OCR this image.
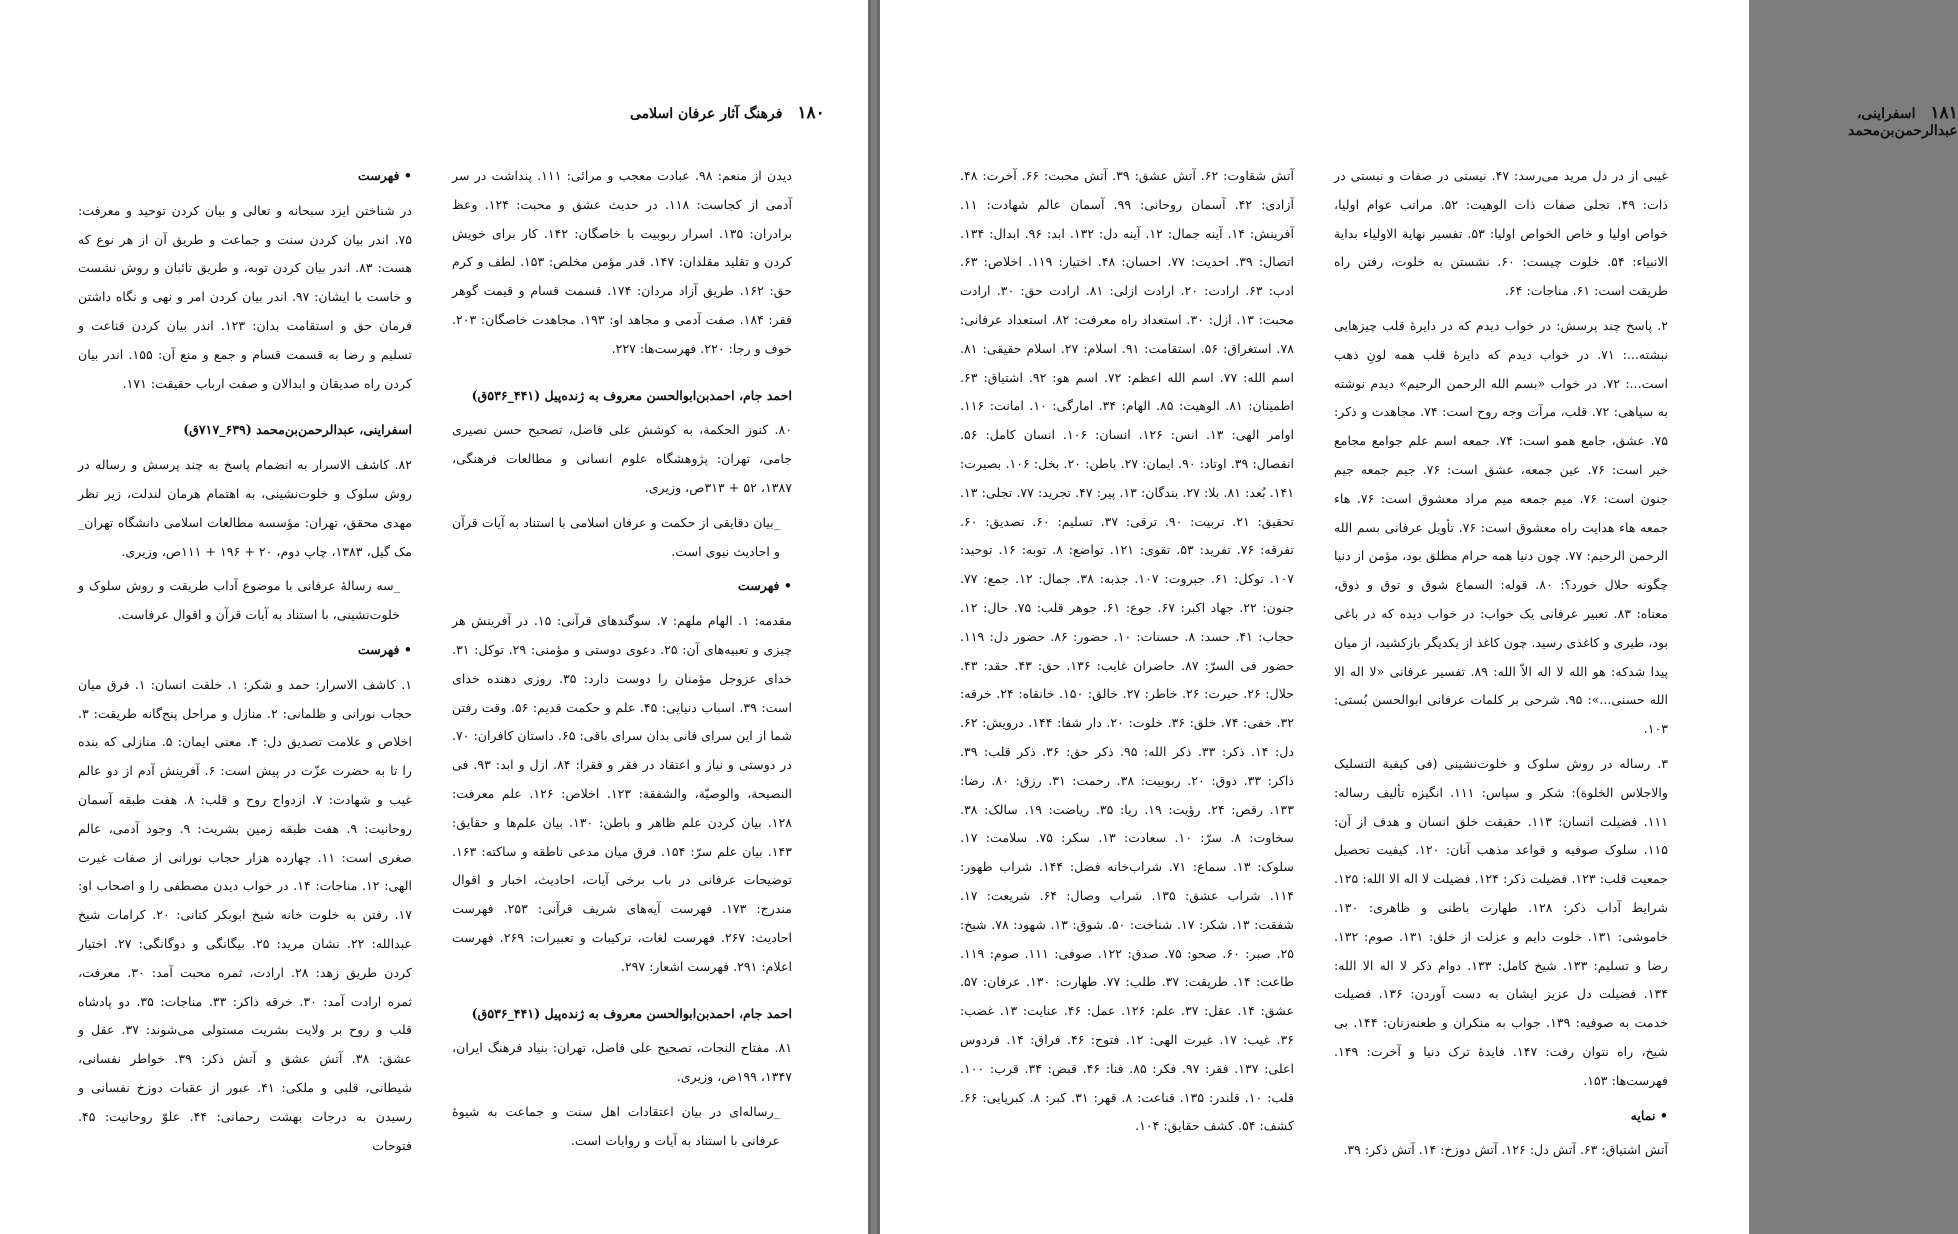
۱۸۰ فرهنگ آثار عرفان اسلامی

دیدن از منعم: ۹۸. عبادت معجب و مرائی: ۱۱۱. پنداشت در سر آدمی از کجاست: ۱۱۸. در حدیث عشق و محبت: ۱۲۴. وعظ برادران: ۱۳۵. اسرار ربوبیت با خاصگان: ۱۴۲. کار برای خویش کردن و تقلید مقلدان: ۱۴۷. قدر مؤمن مخلص: ۱۵۳. لطف و کرم حق: ۱۶۲. طریق آزاد مردان: ۱۷۴. قسمت قسام و قیمت گوهر فقر: ۱۸۴. صفت آدمی و مجاهد او: ۱۹۳. مجاهدت خاصگان: ۲۰۳. خوف و رجا: ۲۲۰. فهرست‌ها: ۲۲۷.

احمد جام، احمدبن‌ابوالحسن معروف به ژنده‌پیل (۴۴۱_۵۳۶ق)

۸۰. کنوز الحکمة، به کوشش علی فاضل، تصحیح حسن نصیری جامی، تهران: پژوهشگاه علوم انسانی و مطالعات فرهنگی، ۱۳۸۷، ۵۲ + ۳۱۳ص، وزیری.

_بیان دقایقی از حکمت و عرفان اسلامی با استناد به آیات قرآن و احادیث نبوی است.

• فهرست

مقدمه: ۱. الهام ملهم: ۷. سوگندهای قرآنی: ۱۵. در آفرینش هر چیزی و تعبیه‌های آن: ۲۵. دعوی دوستی و مؤمنی: ۲۹. توکل: ۳۱. خدای عزوجل مؤمنان را دوست دارد: ۳۵. روزی دهنده خدای است: ۳۹. اسباب دنیایی: ۴۵. علم و حکمت قدیم: ۵۶. وقت رفتن شما از این سرای فانی بدان سرای باقی: ۶۵. داستان کافران: ۷۰. در دوستی و نیاز و اعتقاد در فقر و فقرا: ۸۴. ازل و ابد: ۹۳. فی النصیحة، والوصیّة، والشفقة: ۱۲۳. اخلاص: ۱۲۶. علم معرفت: ۱۲۸. بیان کردن علم ظاهر و باطن: ۱۳۰. بیان علم‌ها و حقایق: ۱۴۳. بیان علم سرّ: ۱۵۴. فرق میان مدعی ناطقه و ساکته: ۱۶۳. توضیحات عرفانی در باب برخی آیات، احادیث، اخبار و اقوال مندرج: ۱۷۳. فهرست آیه‌های شریف قرآنی: ۲۵۳. فهرست احادیث: ۲۶۷. فهرست لغات، ترکیبات و تعبیرات: ۲۶۹. فهرست اعلام: ۲۹۱. فهرست اشعار: ۲۹۷.

احمد جام، احمدبن‌ابوالحسن معروف به ژنده‌پیل (۴۴۱_۵۳۶ق)

۸۱. مفتاح النجات، تصحیح علی فاضل، تهران: بنیاد فرهنگ ایران، ۱۳۴۷، ۱۹۹ص، وزیری.

_رساله‌ای در بیان اعتقادات اهل سنت و جماعت به شیوهٔ عرفانی با استناد به آیات و روایات است.

• فهرست

در شناختن ایزد سبحانه و تعالی و بیان کردن توحید و معرفت: ۷۵. اندر بیان کردن سنت و جماعت و طریق آن از هر نوع که هست: ۸۳. اندر بیان کردن توبه، و طریق تائبان و روش نشست و خاست با ایشان: ۹۷. اندر بیان کردن امر و نهی و نگاه داشتن فرمان حق و استقامت بدان: ۱۲۳. اندر بیان کردن قناعت و تسلیم و رضا به قسمت قسام و جمع و منع آن: ۱۵۵. اندر بیان کردن راه صدیقان و ابدالان و صفت ارباب حقیقت: ۱۷۱.

اسفراینی، عبدالرحمن‌بن‌محمد (۶۳۹_۷۱۷ق)

۸۲. کاشف الاسرار به انضمام پاسخ به چند پرسش و رساله در روش سلوک و خلوت‌نشینی، به اهتمام هرمان لندلت، زیر نظر مهدی محقق، تهران: مؤسسه مطالعات اسلامی دانشگاه تهران_ مک گیل، ۱۳۸۳، چاپ دوم، ۲۰ + ۱۹۶ + ۱۱۱ص، وزیری.

_سه رسالهٔ عرفانی با موضوع آداب طریقت و روش سلوک و خلوت‌نشینی، با استناد به آیات قرآن و اقوال عرفاست.

• فهرست

۱. کاشف الاسرار: حمد و شکر: ۱. خلقت انسان: ۱. فرق میان حجاب نورانی و ظلمانی: ۲. منازل و مراحل پنج‌گانه طریقت: ۳. اخلاص و علامت تصدیق دل: ۴. معنی ایمان: ۵. منازلی که بنده را تا به حضرت عزّت در پیش است: ۶. آفرینش آدم از دو عالم غیب و شهادت: ۷. ازدواج روح و قلب: ۸. هفت طبقه آسمان روحانیت: ۹. هفت طبقه زمین بشریت: ۹. وجود آدمی، عالم صغری است: ۱۱. چهارده هزار حجاب نورانی از صفات غیرت الهی: ۱۲. مناجات: ۱۴. در خواب دیدن مصطفی را و اصحاب او: ۱۷. رفتن به خلوت خانه شیخ ابوبکر کتانی: ۲۰. کرامات شیخ عبدالله: ۲۲. نشان مرید: ۲۵. بیگانگی و دوگانگی: ۲۷. اختیار کردن طریق زهد: ۲۸. ارادت، ثمره محبت آمد: ۳۰. معرفت، ثمره ارادت آمد: ۳۰. خرقه ذاکر: ۳۳. مناجات: ۳۵. دو پادشاه قلب و روح بر ولایت بشریت مستولی می‌شوند: ۳۷. عقل و عشق: ۳۸. آتش عشق و آتش ذکر: ۳۹. خواطر نفسانی، شیطانی، قلبی و ملکی: ۴۱. عبور از عقبات دوزخ نفسانی و رسیدن به درجات بهشت رحمانی: ۴۴. علوّ روحانیت: ۴۵. فتوحات

۱۸۱ اسفراینی، عبدالرحمن‌بن‌محمد

آتش شقاوت: ۶۲. آتش عشق: ۳۹. آتش محبت: ۶۶. آخرت: ۴۸. آزادی: ۴۲. آسمان روحانی: ۹۹. آسمان عالم شهادت: ۱۱. آفرینش: ۱۴. آینه جمال: ۱۲. آینه دل: ۱۳۲. ابد: ۹۶. ابدال: ۱۳۴. اتصال: ۳۹. احدیت: ۷۷. احسان: ۴۸. اختیار: ۱۱۹. اخلاص: ۶۳. ادب: ۶۳. ارادت: ۲۰. ارادت ازلی: ۸۱. ارادت حق: ۳۰. ارادت محبت: ۱۳. ازل: ۳۰. استعداد راه معرفت: ۸۲. استعداد عرفانی: ۷۸. استغراق: ۵۶. استقامت: ۹۱. اسلام: ۲۷. اسلام حقیقی: ۸۱. اسم الله: ۷۷. اسم الله اعظم: ۷۲. اسم هو: ۹۲. اشتیاق: ۶۳. اطمینان: ۸۱. الوهیت: ۸۵. الهام: ۳۴. امارگی: ۱۰. امانت: ۱۱۶. اوامر الهی: ۱۳. انس: ۱۲۶. انسان: ۱۰۶. انسان کامل: ۵۶. انفصال: ۳۹. اوتاد: ۹۰. ایمان: ۲۷. باطن: ۲۰. بخل: ۱۰۶. بصیرت: ۱۴۱. بُعد: ۸۱. بلا: ۲۷. بندگان: ۱۳. پیر: ۴۷. تجرید: ۷۷. تجلی: ۱۳. تحقیق: ۲۱. تربیت: ۹۰. ترقی: ۳۷. تسلیم: ۶۰. تصدیق: ۶۰. تفرقه: ۷۶. تفرید: ۵۳. تقوی: ۱۲۱. تواضع: ۸. توبه: ۱۶. توحید: ۱۰۷. توکل: ۶۱. جبروت: ۱۰۷. جذبه: ۳۸. جمال: ۱۲. جمع: ۷۷. جنون: ۲۲. جهاد اکبر: ۶۷. جوع: ۶۱. جوهر قلب: ۷۵. حال: ۱۲. حجاب: ۴۱. حسد: ۸. حسنات: ۱۰. حضور: ۸۶. حضور دل: ۱۱۹. حضور فی السرّ: ۸۷. حاضران غایب: ۱۳۶. حق: ۴۳. حقد: ۴۳. حلال: ۲۶. حیرت: ۲۶. خاطر: ۲۷. خالق: ۱۵۰. خانقاه: ۲۴. خرقه: ۳۲. خفی: ۷۴. خلق: ۳۶. خلوت: ۲۰. دار شفا: ۱۴۴. درویش: ۶۲. دل: ۱۴. ذکر: ۳۳. ذکر الله: ۹۵. ذکر حق: ۳۶. ذکر قلب: ۳۹. ذاکر: ۳۳. ذوق: ۲۰. ربوبیت: ۳۸. رحمت: ۳۱. رزق: ۸۰. رضا: ۱۳۳. رقص: ۲۴. رؤیت: ۱۹. ریا: ۳۵. ریاضت: ۱۹. سالک: ۳۸. سخاوت: ۸. سرّ: ۱۰. سعادت: ۱۳. سکر: ۷۵. سلامت: ۱۷. سلوک: ۱۳. سماع: ۷۱. شراب‌خانه فضل: ۱۴۴. شراب طهور: ۱۱۴. شراب عشق: ۱۳۵. شراب وصال: ۶۴. شریعت: ۱۷. شفقت: ۱۳. شکر: ۱۷. شناخت: ۵۰. شوق: ۱۳. شهود: ۷۸. شیخ: ۲۵. صبر: ۶۰. صحو: ۷۵. صدق: ۱۲۲. صوفی: ۱۱۱. صوم: ۱۱۹. طاعت: ۱۴. طریقت: ۳۷. طلب: ۷۷. طهارت: ۱۳۰. عرفان: ۵۷. عشق: ۱۴. عقل: ۳۷. علم: ۱۲۶. عمل: ۴۶. عنایت: ۱۳. غضب: ۳۶. غیب: ۱۷. غیرت الهی: ۱۲. فتوح: ۴۶. فراق: ۱۴. فردوس اعلی: ۱۳۷. فقر: ۹۷. فکر: ۸۵. فنا: ۴۶. قبض: ۳۴. قرب: ۱۰۰. قلب: ۱۰. قلندر: ۱۳۵. قناعت: ۸. قهر: ۳۱. کبر: ۸. کبریایی: ۶۶. کشف: ۵۴. کشف حقایق: ۱۰۴.

غیبی از در دل مرید می‌رسد: ۴۷. نیستی در صفات و نیستی در ذات: ۴۹. تجلی صفات ذات الوهیت: ۵۲. مراتب عوام اولیا، خواص اولیا و خاص الخواص اولیا: ۵۳. تفسیر نهایة الاولیاء بدایة الانبیاء: ۵۴. خلوت چیست: ۶۰. نشستن به خلوت، رفتن راه طریقت است: ۶۱. مناجات: ۶۴.

۲. پاسخ چند پرسش: در خواب دیدم که در دایرهٔ قلب چیزهایی نبشته...: ۷۱. در خواب دیدم که دایرهٔ قلب همه لونِ ذهب است...: ۷۲. در خواب «بسم الله الرحمن الرحیم» دیدم نوشته به سیاهی: ۷۲. قلب، مرآت وجه روح است: ۷۴. مجاهدت و ذکر: ۷۵. عشق، جامع همو است: ۷۴. جمعه اسم علم جوامع مجامع خیر است: ۷۶. عین جمعه، عشق است: ۷۶. جیم جمعه جیم جنون است: ۷۶. میم جمعه میم مراد معشوق است: ۷۶. هاء جمعه هاء هدایت راه معشوق است: ۷۶. تأویل عرفانی بسم الله الرحمن الرحیم: ۷۷. چون دنیا همه حرام مطلق بود، مؤمن از دنیا چگونه حلال خورد؟: ۸۰. قوله: السماع شوق و توق و ذوق، معناه: ۸۳. تعبیر عرفانی یک خواب: در خواب دیده که در باغی بود، طیری و کاغذی رسید. چون کاغذ از یکدیگر بازکشید، از میان پیدا شدکه: هو الله لا اله الاّ الله: ۸۹. تفسیر عرفانی «لا اله الا الله حسنی...»: ۹۵. شرحی بر کلمات عرفانی ابوالحسن بُستی: ۱۰۳.

۳. رساله در روش سلوک و خلوت‌نشینی (فی کیفیة التسلیک والاجلاس الخلوة): شکر و سپاس: ۱۱۱. انگیزه تألیف رساله: ۱۱۱. فضیلت انسان: ۱۱۳. حقیقت خلق انسان و هدف از آن: ۱۱۵. سلوک صوفیه و قواعد مذهب آنان: ۱۲۰. کیفیت تحصیل جمعیت قلب: ۱۲۳. فضیلت ذکر: ۱۲۴. فضیلت لا اله الا الله: ۱۲۵. شرایط آداب ذکر: ۱۲۸. طهارت باطنی و ظاهری: ۱۳۰. خاموشی: ۱۳۱. خلوت دایم و عزلت از خلق: ۱۳۱. صوم: ۱۳۲. رضا و تسلیم: ۱۳۳. شیخ کامل: ۱۳۳. دوام ذکر لا اله الا الله: ۱۳۴. فضیلت دل عزیز ایشان به دست آوردن: ۱۳۶. فضیلت خدمت به صوفیه: ۱۳۹. جواب به منکران و طعنه‌زنان: ۱۴۴. بی شیخ، راه نتوان رفت: ۱۴۷. فایدهٔ ترک دنیا و آخرت: ۱۴۹. فهرست‌ها: ۱۵۳.

• نمایه

آتش اشتیاق: ۶۳. آتش دل: ۱۲۶. آتش دوزخ: ۱۴. آتش ذکر: ۳۹.
